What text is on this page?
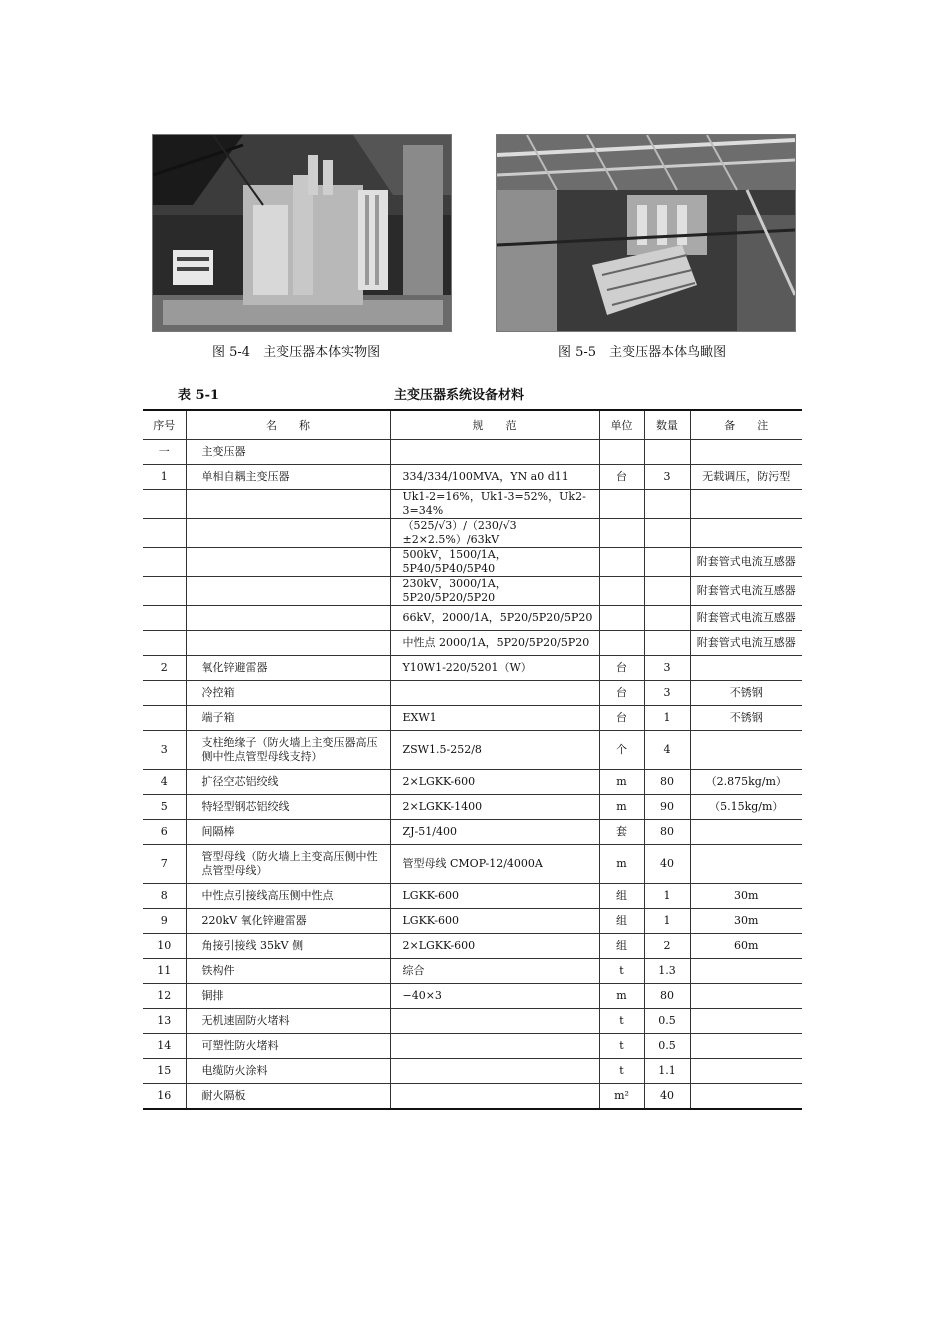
图 5-4　主变压器本体实物图	图 5-5　主变压器本体鸟瞰图
表 5-1	主变压器系统设备材料
序号	名　　称	规　　范	单位	数量	备　　注
一	主变压器				
1	单相自耦主变压器	334/334/100MVA，YN a0 d11	台	3	无载调压，防污型
		Uk1-2=16%，Uk1-3=52%，Uk2-3=34%			
		（525/√3）/（230/√3 ±2×2.5%）/63kV			
		500kV，1500/1A，5P40/5P40/5P40			附套管式电流互感器
		230kV，3000/1A，5P20/5P20/5P20			附套管式电流互感器
		66kV，2000/1A，5P20/5P20/5P20			附套管式电流互感器
		中性点 2000/1A，5P20/5P20/5P20			附套管式电流互感器
2	氧化锌避雷器	Y10W1-220/5201（W）	台	3	
	冷控箱		台	3	不锈钢
	端子箱	EXW1	台	1	不锈钢
3	支柱绝缘子（防火墙上主变压器高压侧中性点管型母线支持）	ZSW1.5-252/8	个	4	
4	扩径空芯铝绞线	2×LGKK-600	m	80	（2.875kg/m）
5	特轻型钢芯铝绞线	2×LGKK-1400	m	90	（5.15kg/m）
6	间隔棒	ZJ-51/400	套	80	
7	管型母线（防火墙上主变高压侧中性点管型母线）	管型母线 CMOP-12/4000A	m	40	
8	中性点引接线高压侧中性点	LGKK-600	组	1	30m
9	220kV 氧化锌避雷器	LGKK-600	组	1	30m
10	角接引接线 35kV 侧	2×LGKK-600	组	2	60m
11	铁构件	综合	t	1.3	
12	铜排	−40×3	m	80	
13	无机速固防火堵料		t	0.5	
14	可塑性防火堵料		t	0.5	
15	电缆防火涂料		t	1.1	
16	耐火隔板		m²	40	
